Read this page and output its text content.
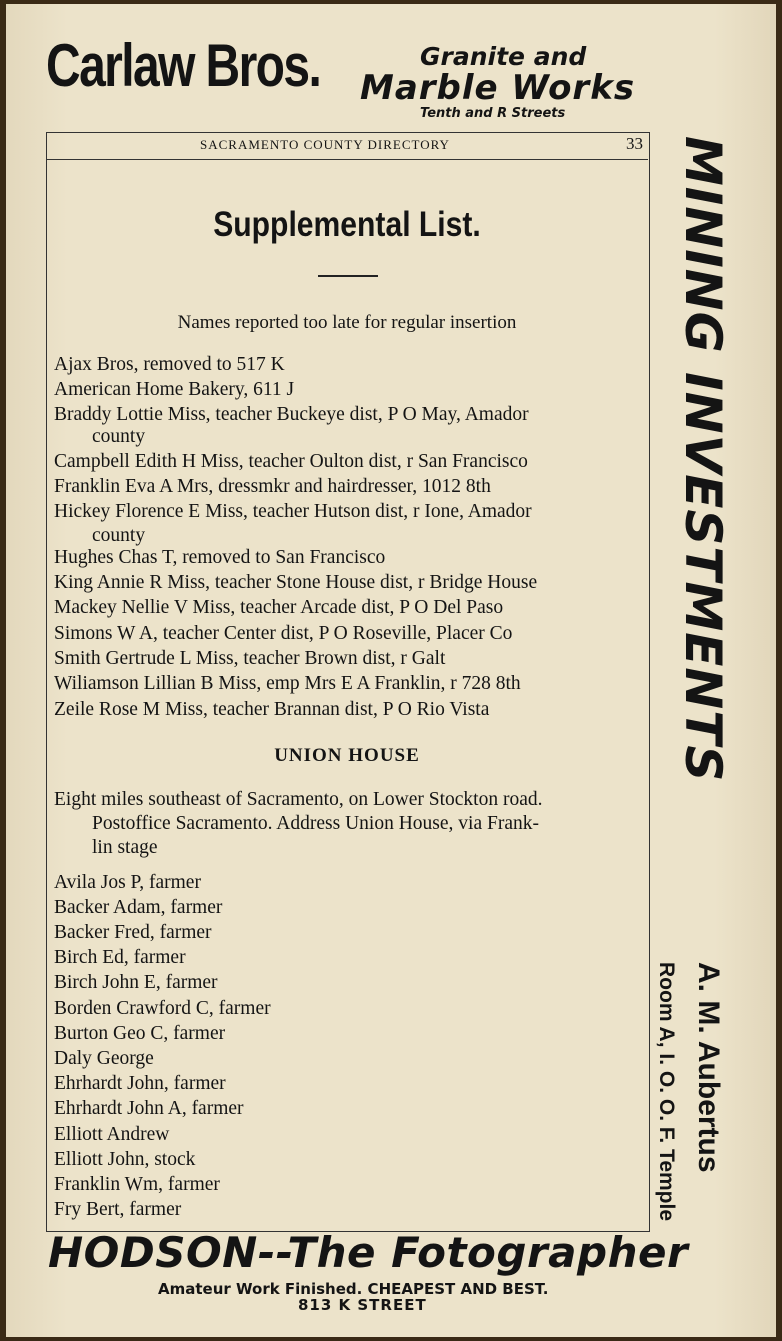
Carlaw Bros.	Granite and
Marble Works
Tenth and R Streets
SACRAMENTO COUNTY DIRECTORY	33
Supplemental List.
Names reported too late for regular insertion
Ajax Bros, removed to 517 K
American Home Bakery, 611 J
Braddy Lottie Miss, teacher Buckeye dist, P O May, Amador
county
Campbell Edith H Miss, teacher Oulton dist, r San Francisco
Franklin Eva A Mrs, dressmkr and hairdresser, 1012 8th
Hickey Florence E Miss, teacher Hutson dist, r Ione, Amador
county
Hughes Chas T, removed to San Francisco
King Annie R Miss, teacher Stone House dist, r Bridge House
Mackey Nellie V Miss, teacher Arcade dist, P O Del Paso
Simons W A, teacher Center dist, P O Roseville, Placer Co
Smith Gertrude L Miss, teacher Brown dist, r Galt
Wiliamson Lillian B Miss, emp Mrs E A Franklin, r 728 8th
Zeile Rose M Miss, teacher Brannan dist, P O Rio Vista
UNION HOUSE
Eight miles southeast of Sacramento, on Lower Stockton road.
Postoffice Sacramento. Address Union House, via Frank-
lin stage
Avila Jos P, farmer
Backer Adam, farmer
Backer Fred, farmer
Birch Ed, farmer
Birch John E, farmer
Borden Crawford C, farmer
Burton Geo C, farmer
Daly George
Ehrhardt John, farmer
Ehrhardt John A, farmer
Elliott Andrew
Elliott John, stock
Franklin Wm, farmer
Fry Bert, farmer
MINING INVESTMENTS
A. M. Aubertus
Room A, I. O. O. F. Temple
HODSON--The Fotographer
Amateur Work Finished. CHEAPEST AND BEST.
813 K STREET
